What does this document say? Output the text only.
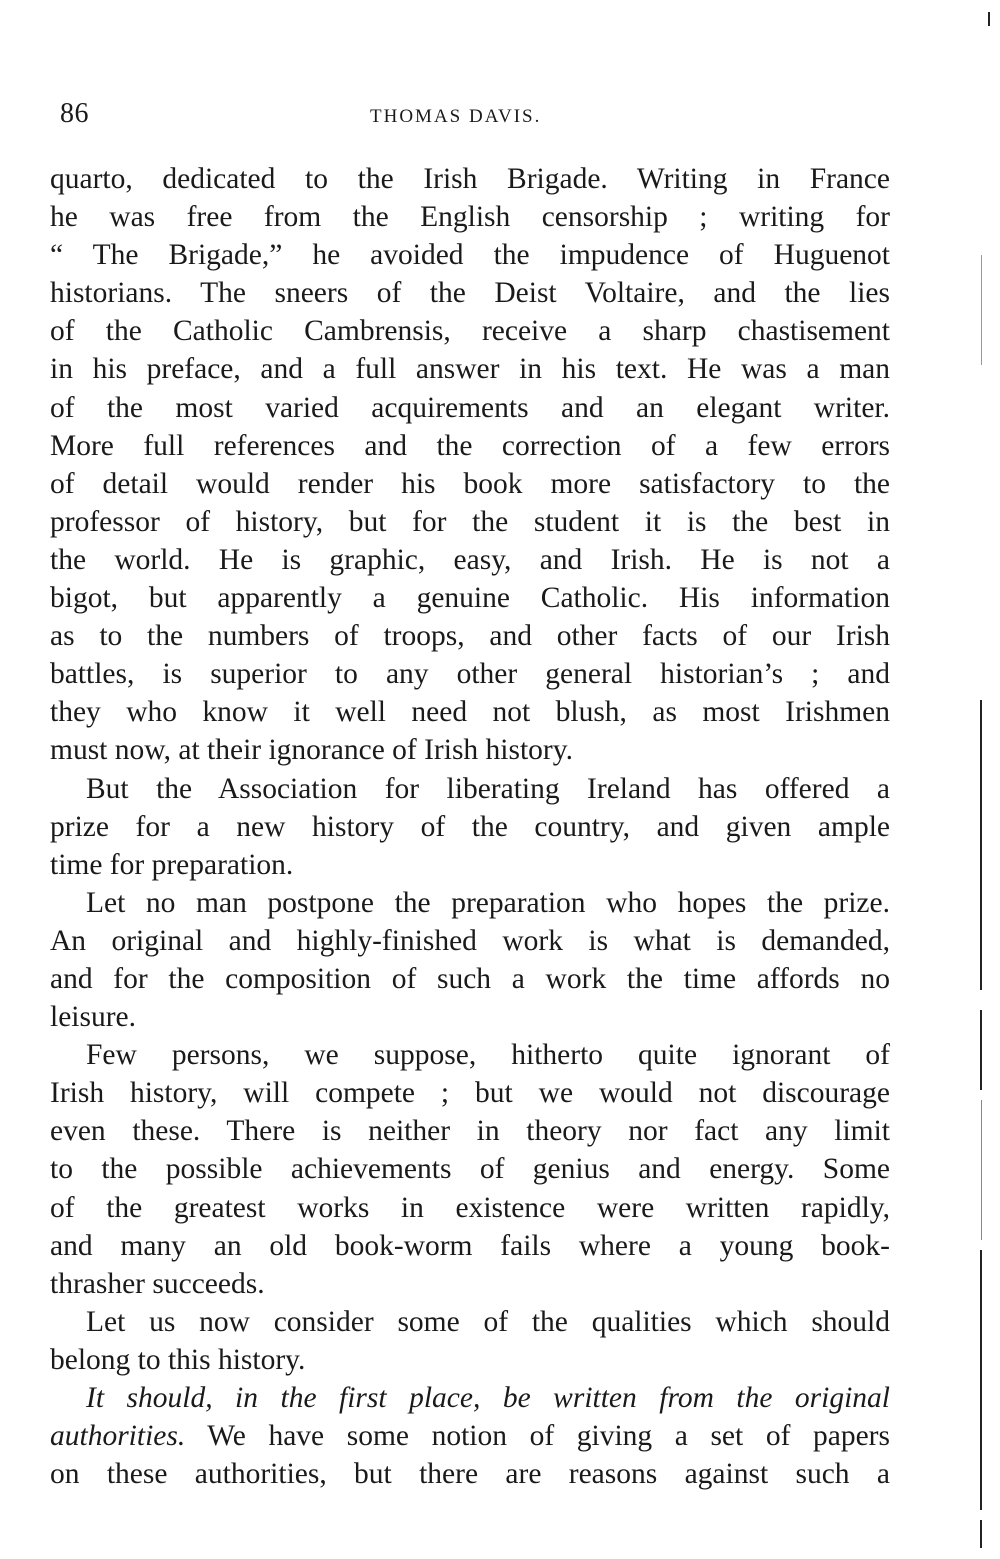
86	THOMAS DAVIS.
quarto, dedicated to the Irish Brigade. Writing in France
he was free from the English censorship ; writing for
“ The Brigade,” he avoided the impudence of Huguenot
historians. The sneers of the Deist Voltaire, and the lies
of the Catholic Cambrensis, receive a sharp chastisement
in his preface, and a full answer in his text. He was a man
of the most varied acquirements and an elegant writer.
More full references and the correction of a few errors
of detail would render his book more satisfactory to the
professor of history, but for the student it is the best in
the world. He is graphic, easy, and Irish. He is not a
bigot, but apparently a genuine Catholic. His information
as to the numbers of troops, and other facts of our Irish
battles, is superior to any other general historian’s ; and
they who know it well need not blush, as most Irishmen
must now, at their ignorance of Irish history.
But the Association for liberating Ireland has offered a
prize for a new history of the country, and given ample
time for preparation.
Let no man postpone the preparation who hopes the prize.
An original and highly-finished work is what is demanded,
and for the composition of such a work the time affords no
leisure.
Few persons, we suppose, hitherto quite ignorant of
Irish history, will compete ; but we would not discourage
even these. There is neither in theory nor fact any limit
to the possible achievements of genius and energy. Some
of the greatest works in existence were written rapidly,
and many an old book-worm fails where a young book-
thrasher succeeds.
Let us now consider some of the qualities which should
belong to this history.
It should, in the first place, be written from the original
authorities. We have some notion of giving a set of papers
on these authorities, but there are reasons against such a
